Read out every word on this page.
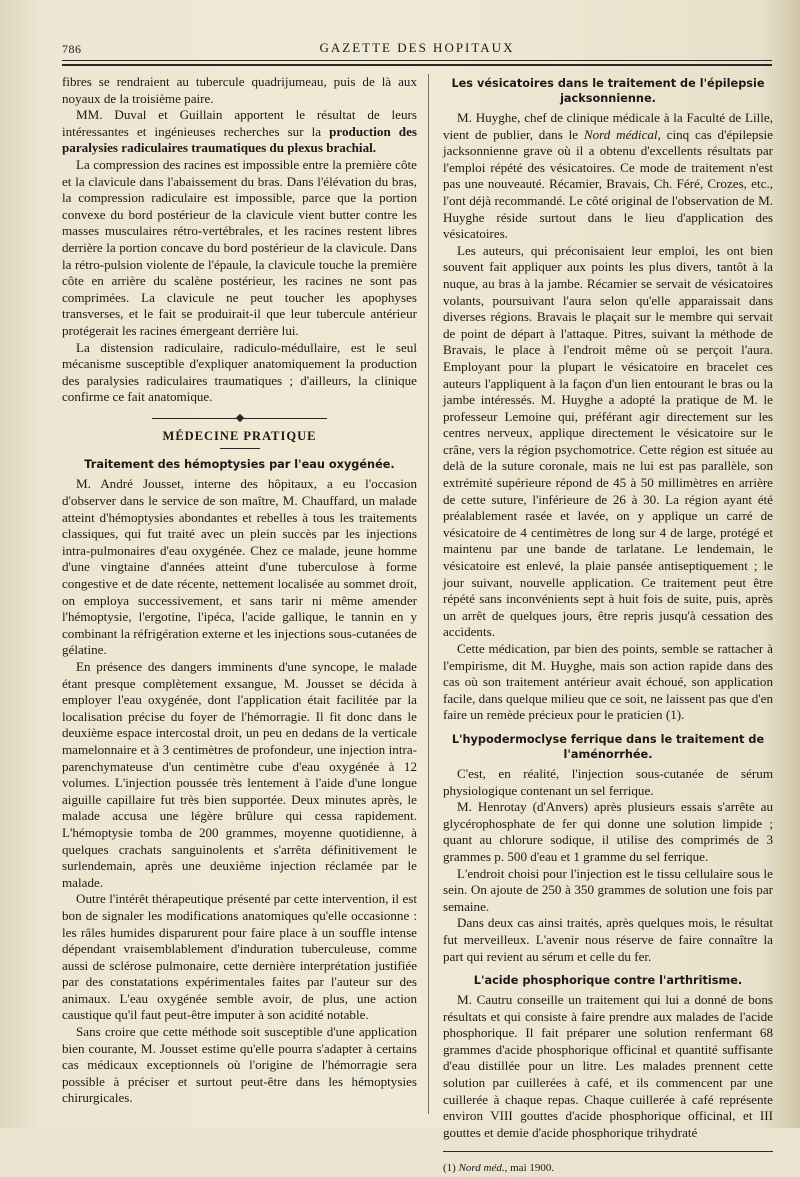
786	GAZETTE DES HOPITAUX

fibres se rendraient au tubercule quadrijumeau, puis de là aux noyaux de la troisième paire.

MM. Duval et Guillain apportent le résultat de leurs intéressantes et ingénieuses recherches sur la production des paralysies radiculaires traumatiques du plexus brachial.

La compression des racines est impossible entre la première côte et la clavicule dans l'abaissement du bras. Dans l'élévation du bras, la compression radiculaire est impossible, parce que la portion convexe du bord postérieur de la clavicule vient butter contre les masses musculaires rétro-vertébrales, et les racines restent libres derrière la portion concave du bord postérieur de la clavicule. Dans la rétro-pulsion violente de l'épaule, la clavicule touche la première côte en arrière du scalène postérieur, les racines ne sont pas comprimées. La clavicule ne peut toucher les apophyses transverses, et le fait se produirait-il que leur tubercule antérieur protégerait les racines émergeant derrière lui.

La distension radiculaire, radiculo-médullaire, est le seul mécanisme susceptible d'expliquer anatomiquement la production des paralysies radiculaires traumatiques ; d'ailleurs, la clinique confirme ce fait anatomique.

MÉDECINE PRATIQUE
Traitement des hémoptysies par l'eau oxygénée.

M. André Jousset, interne des hôpitaux, a eu l'occasion d'observer dans le service de son maître, M. Chauffard, un malade atteint d'hémoptysies abondantes et rebelles à tous les traitements classiques, qui fut traité avec un plein succès par les injections intra-pulmonaires d'eau oxygénée. Chez ce malade, jeune homme d'une vingtaine d'années atteint d'une tuberculose à forme congestive et de date récente, nettement localisée au sommet droit, on employa successivement, et sans tarir ni même amender l'hémoptysie, l'ergotine, l'ipéca, l'acide gallique, le tannin en y combinant la réfrigération externe et les injections sous-cutanées de gélatine.

En présence des dangers imminents d'une syncope, le malade étant presque complètement exsangue, M. Jousset se décida à employer l'eau oxygénée, dont l'application était facilitée par la localisation précise du foyer de l'hémorragie. Il fit donc dans le deuxième espace intercostal droit, un peu en dedans de la verticale mamelonnaire et à 3 centimètres de profondeur, une injection intra-parenchymateuse d'un centimètre cube d'eau oxygénée à 12 volumes. L'injection poussée très lentement à l'aide d'une longue aiguille capillaire fut très bien supportée. Deux minutes après, le malade accusa une légère brûlure qui cessa rapidement. L'hémoptysie tomba de 200 grammes, moyenne quotidienne, à quelques crachats sanguinolents et s'arrêta définitivement le surlendemain, après une deuxième injection réclamée par le malade.

Outre l'intérêt thérapeutique présenté par cette intervention, il est bon de signaler les modifications anatomiques qu'elle occasionne : les râles humides disparurent pour faire place à un souffle intense dépendant vraisemblablement d'induration tuberculeuse, comme aussi de sclérose pulmonaire, cette dernière interprétation justifiée par des constatations expérimentales faites par l'auteur sur des animaux. L'eau oxygénée semble avoir, de plus, une action caustique qu'il faut peut-être imputer à son acidité notable.

Sans croire que cette méthode soit susceptible d'une application bien courante, M. Jousset estime qu'elle pourra s'adapter à certains cas médicaux exceptionnels où l'origine de l'hémorragie sera possible à préciser et surtout peut-être dans les hémoptysies chirurgicales.

Les vésicatoires dans le traitement de l'épilepsie jacksonnienne.

M. Huyghe, chef de clinique médicale à la Faculté de Lille, vient de publier, dans le Nord médical, cinq cas d'épilepsie jacksonnienne grave où il a obtenu d'excellents résultats par l'emploi répété des vésicatoires. Ce mode de traitement n'est pas une nouveauté. Récamier, Bravais, Ch. Féré, Crozes, etc., l'ont déjà recommandé. Le côté original de l'observation de M. Huyghe réside surtout dans le lieu d'application des vésicatoires.

Les auteurs, qui préconisaient leur emploi, les ont bien souvent fait appliquer aux points les plus divers, tantôt à la nuque, au bras à la jambe. Récamier se servait de vésicatoires volants, poursuivant l'aura selon qu'elle apparaissait dans diverses régions. Bravais le plaçait sur le membre qui servait de point de départ à l'attaque. Pitres, suivant la méthode de Bravais, le place à l'endroit même où se perçoit l'aura. Employant pour la plupart le vésicatoire en bracelet ces auteurs l'appliquent à la façon d'un lien entourant le bras ou la jambe intéressés. M. Huyghe a adopté la pratique de M. le professeur Lemoine qui, préférant agir directement sur les centres nerveux, applique directement le vésicatoire sur le crâne, vers la région psychomotrice. Cette région est située au delà de la suture coronale, mais ne lui est pas parallèle, son extrémité supérieure répond de 45 à 50 millimètres en arrière de cette suture, l'inférieure de 26 à 30. La région ayant été préalablement rasée et lavée, on y applique un carré de vésicatoire de 4 centimètres de long sur 4 de large, protégé et maintenu par une bande de tarlatane. Le lendemain, le vésicatoire est enlevé, la plaie pansée antiseptiquement ; le jour suivant, nouvelle application. Ce traitement peut être répété sans inconvénients sept à huit fois de suite, puis, après un arrêt de quelques jours, être repris jusqu'à cessation des accidents.

Cette médication, par bien des points, semble se rattacher à l'empirisme, dit M. Huyghe, mais son action rapide dans des cas où son traitement antérieur avait échoué, son application facile, dans quelque milieu que ce soit, ne laissent pas que d'en faire un remède précieux pour le praticien (1).

L'hypodermoclyse ferrique dans le traitement de l'aménorrhée.

C'est, en réalité, l'injection sous-cutanée de sérum physiologique contenant un sel ferrique.

M. Henrotay (d'Anvers) après plusieurs essais s'arrête au glycérophosphate de fer qui donne une solution limpide ; quant au chlorure sodique, il utilise des comprimés de 3 grammes p. 500 d'eau et 1 gramme du sel ferrique.

L'endroit choisi pour l'injection est le tissu cellulaire sous le sein. On ajoute de 250 à 350 grammes de solution une fois par semaine.

Dans deux cas ainsi traités, après quelques mois, le résultat fut merveilleux. L'avenir nous réserve de faire connaître la part qui revient au sérum et celle du fer.

L'acide phosphorique contre l'arthritisme.

M. Cautru conseille un traitement qui lui a donné de bons résultats et qui consiste à faire prendre aux malades de l'acide phosphorique. Il fait préparer une solution renfermant 68 grammes d'acide phosphorique officinal et quantité suffisante d'eau distillée pour un litre. Les malades prennent cette solution par cuillerées à café, et ils commencent par une cuillerée à chaque repas. Chaque cuillerée à café représente environ VIII gouttes d'acide phosphorique officinal, et III gouttes et demie d'acide phosphorique trihydraté

(1) Nord méd., mai 1900.
